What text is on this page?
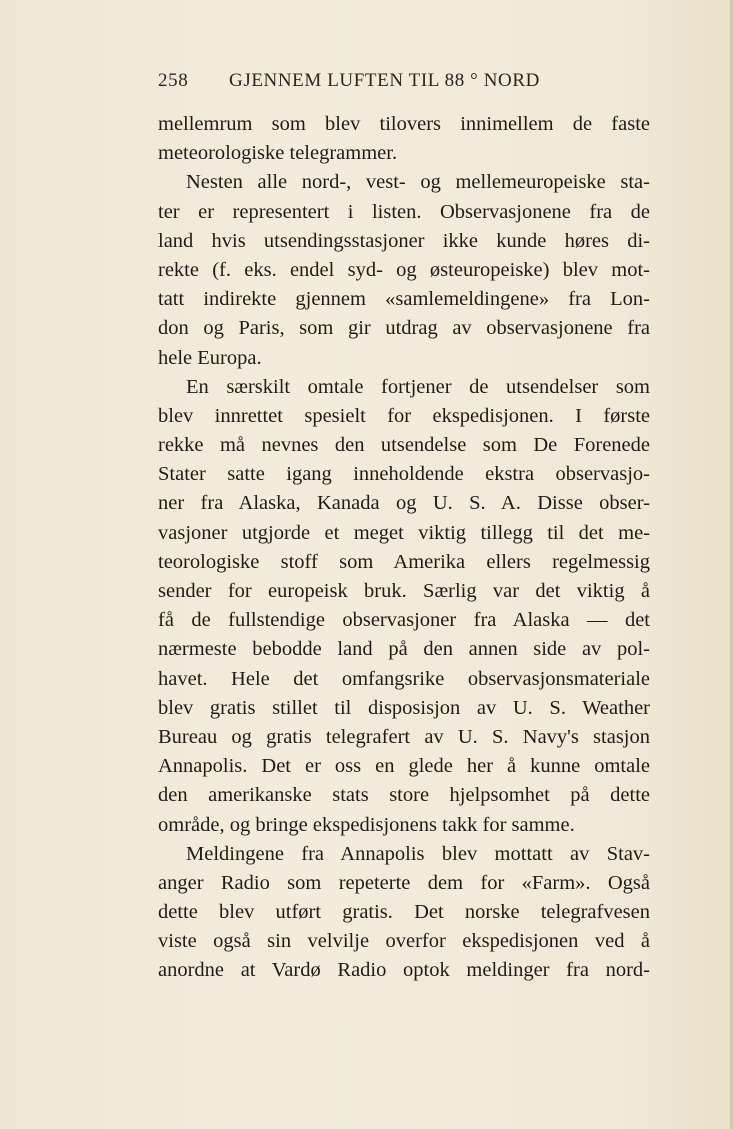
258 GJENNEM LUFTEN TIL 88 ° NORD
mellemrum som blev tilovers innimellem de faste
meteorologiske telegrammer.
Nesten alle nord-, vest- og mellemeuropeiske sta-
ter er representert i listen. Observasjonene fra de
land hvis utsendingsstasjoner ikke kunde høres di-
rekte (f. eks. endel syd- og østeuropeiske) blev mot-
tatt indirekte gjennem «samlemeldingene» fra Lon-
don og Paris, som gir utdrag av observasjonene fra
hele Europa.
En særskilt omtale fortjener de utsendelser som
blev innrettet spesielt for ekspedisjonen. I første
rekke må nevnes den utsendelse som De Forenede
Stater satte igang inneholdende ekstra observasjo-
ner fra Alaska, Kanada og U. S. A. Disse obser-
vasjoner utgjorde et meget viktig tillegg til det me-
teorologiske stoff som Amerika ellers regelmessig
sender for europeisk bruk. Særlig var det viktig å
få de fullstendige observasjoner fra Alaska — det
nærmeste bebodde land på den annen side av pol-
havet. Hele det omfangsrike observasjonsmateriale
blev gratis stillet til disposisjon av U. S. Weather
Bureau og gratis telegrafert av U. S. Navy's stasjon
Annapolis. Det er oss en glede her å kunne omtale
den amerikanske stats store hjelpsomhet på dette
område, og bringe ekspedisjonens takk for samme.
Meldingene fra Annapolis blev mottatt av Stav-
anger Radio som repeterte dem for «Farm». Også
dette blev utført gratis. Det norske telegrafvesen
viste også sin velvilje overfor ekspedisjonen ved å
anordne at Vardø Radio optok meldinger fra nord-
